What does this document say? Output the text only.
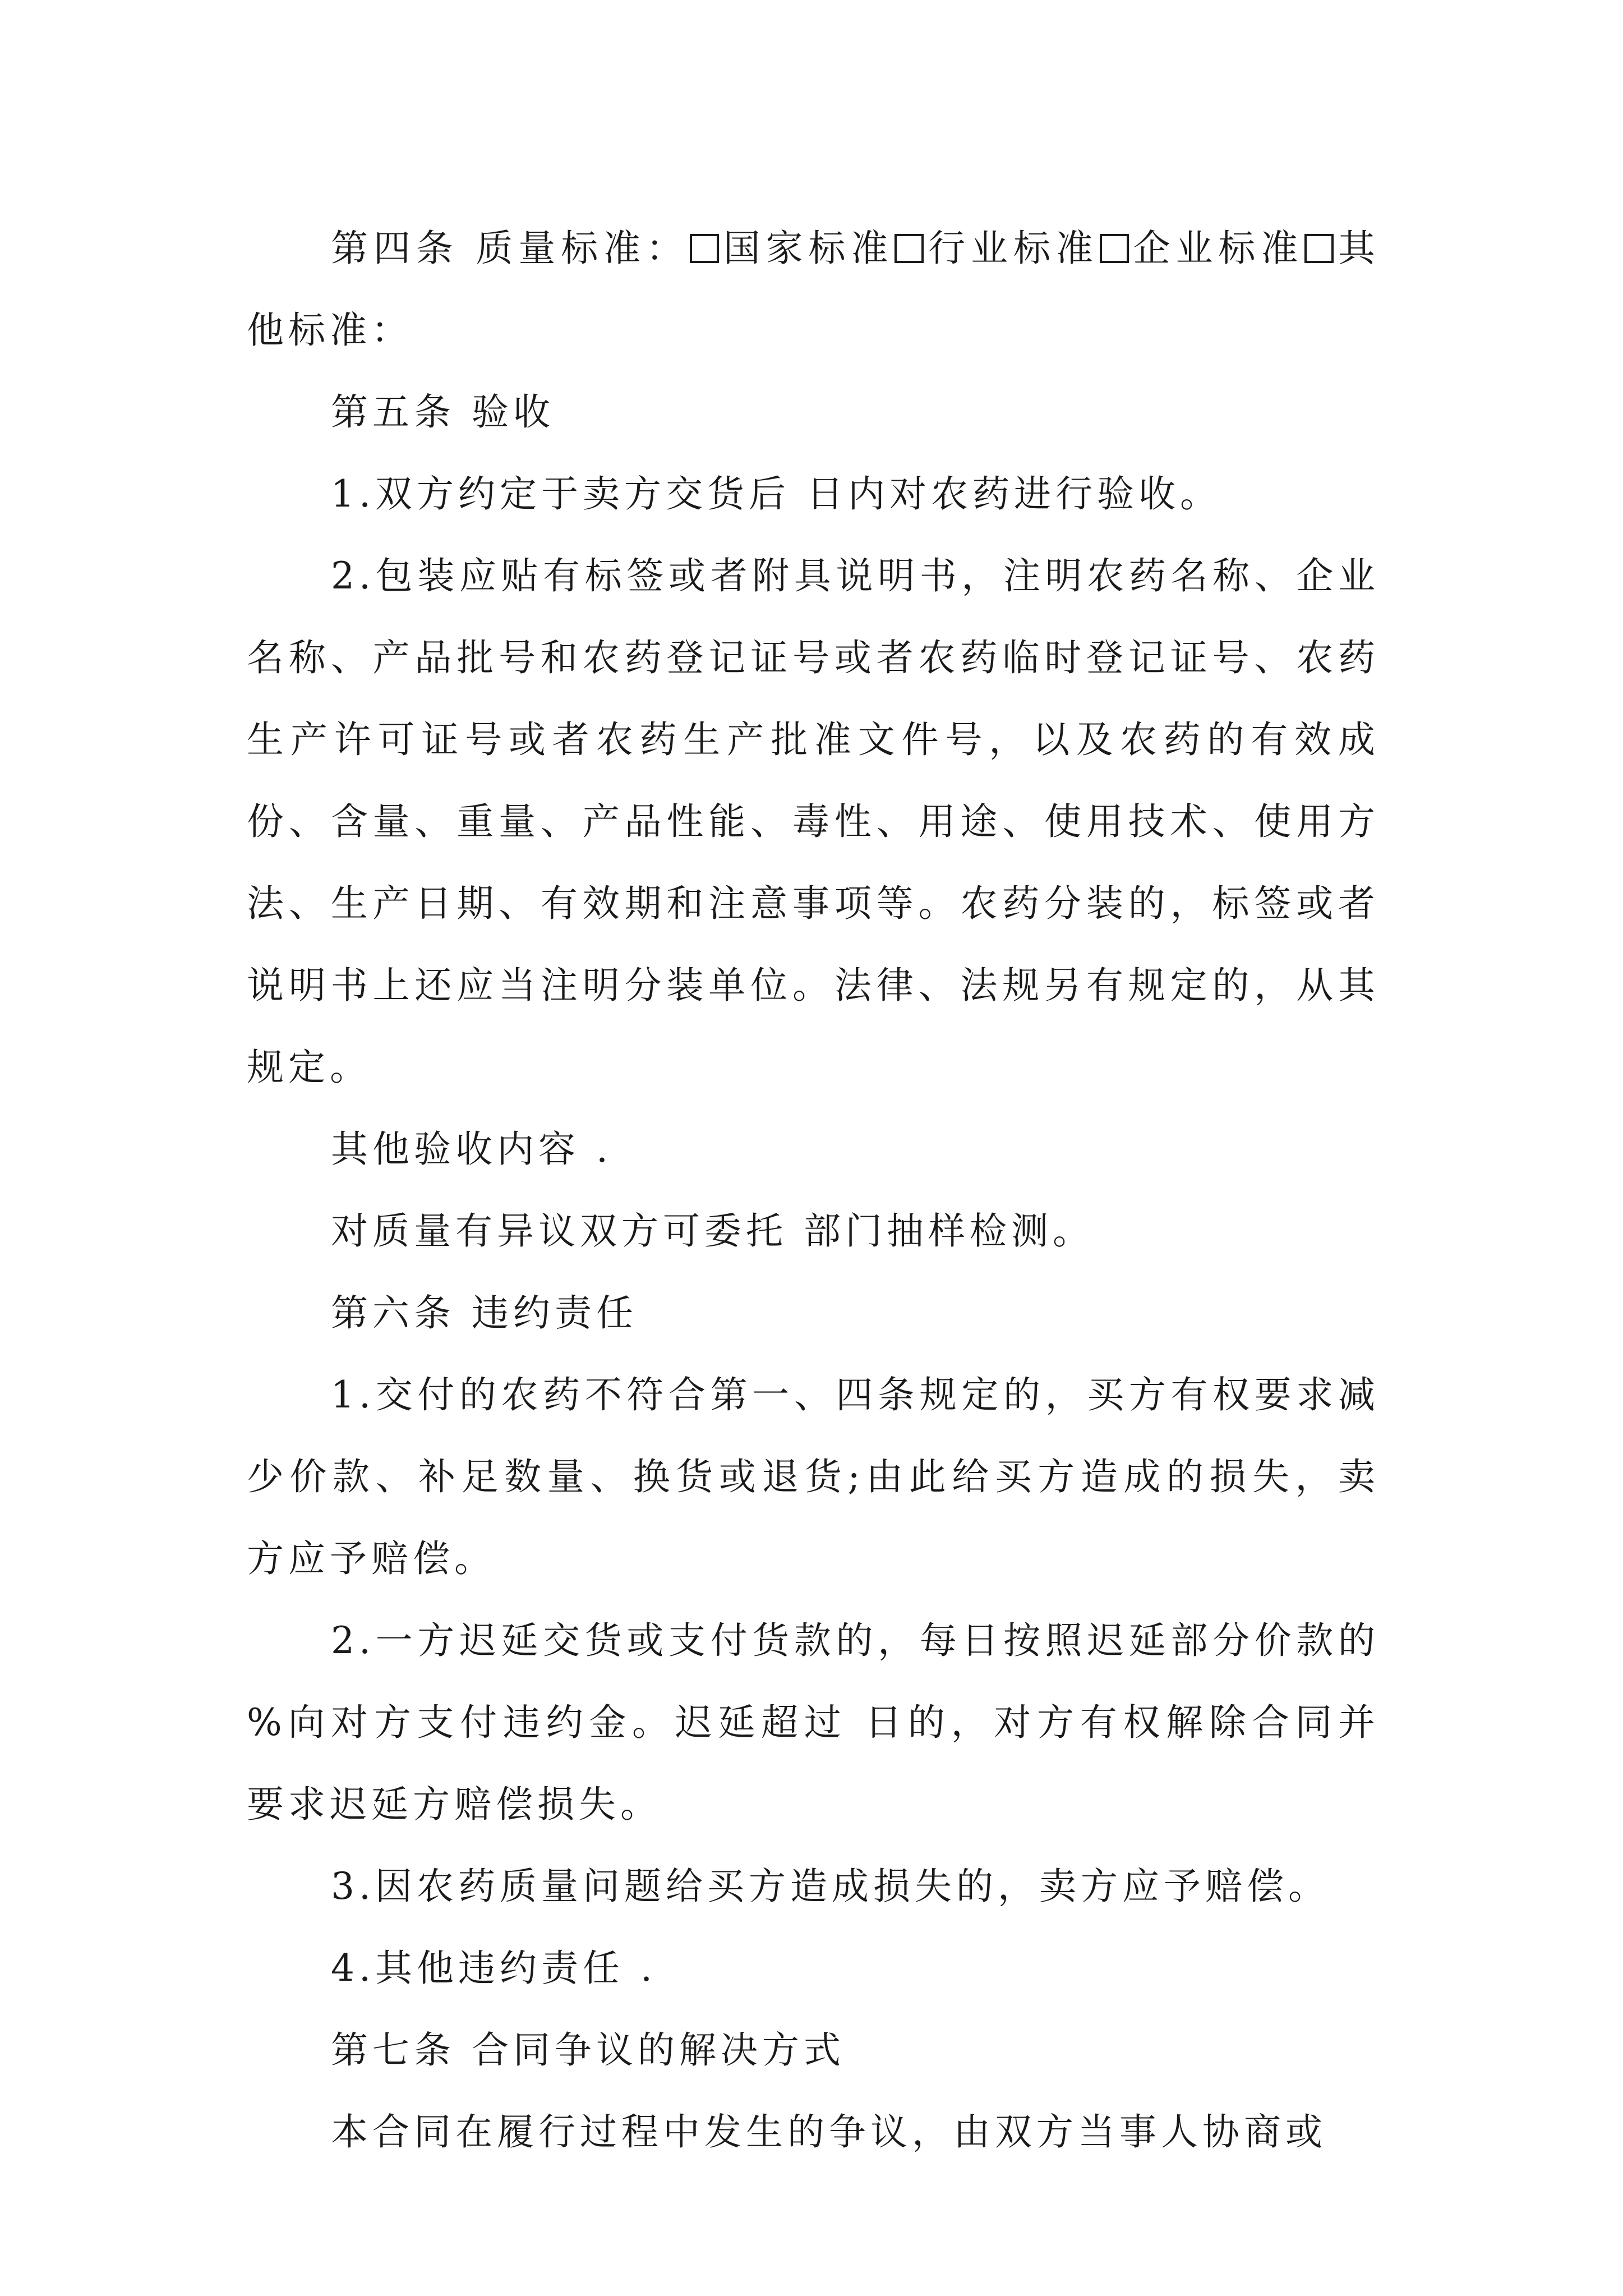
第四条 质量标准： 国家标准 行业标准 企业标准 其他标准：

第五条 验收

1.双方约定于卖方交货后 日内对农药进行验收。

2.包装应贴有标签或者附具说明书，注明农药名称、企业名称、产品批号和农药登记证号或者农药临时登记证号、农药生产许可证号或者农药生产批准文件号，以及农药的有效成份、含量、重量、产品性能、毒性、用途、使用技术、使用方法、生产日期、有效期和注意事项等。农药分装的，标签或者说明书上还应当注明分装单位。法律、法规另有规定的，从其规定。

其他验收内容 .

对质量有异议双方可委托 部门抽样检测。

第六条 违约责任

1.交付的农药不符合第一、四条规定的，买方有权要求减少价款、补足数量、换货或退货;由此给买方造成的损失，卖方应予赔偿。

2.一方迟延交货或支付货款的，每日按照迟延部分价款的 %向对方支付违约金。迟延超过 日的，对方有权解除合同并要求迟延方赔偿损失。

3.因农药质量问题给买方造成损失的，卖方应予赔偿。

4.其他违约责任 .

第七条 合同争议的解决方式

本合同在履行过程中发生的争议，由双方当事人协商或
